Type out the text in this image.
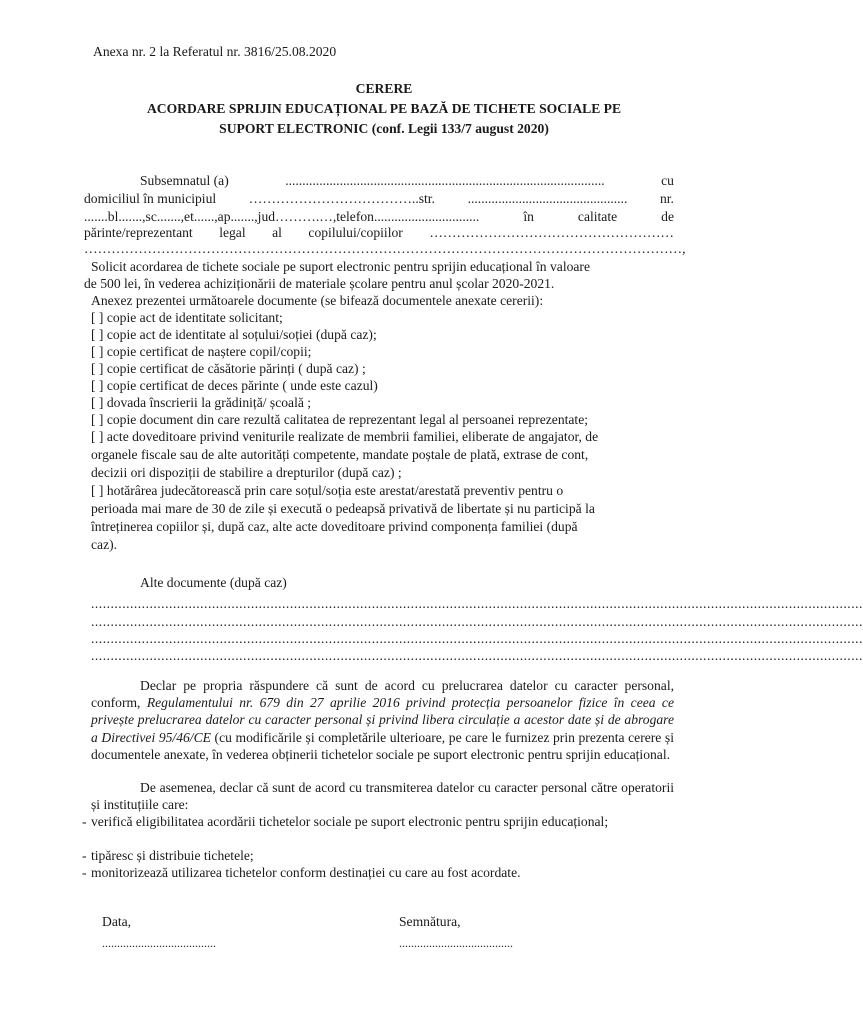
Anexa nr. 2 la Referatul nr. 3816/25.08.2020
CERERE
ACORDARE SPRIJIN EDUCAȚIONAL PE BAZĂ DE TICHETE SOCIALE PE
SUPORT ELECTRONIC (conf. Legii 133/7 august 2020)
Subsemnatul (a)	..............................................................................................	cu
domiciliul în municipiul ………………………………..str. ............................................... nr.
.......bl.......,sc.......,et......,ap.......,jud……….…,telefon...............................	în	calitate	de
părinte/reprezentant legal al copilului/copiilor ………………………………………………
……………………………………………………………………………………………………………………,
Solicit acordarea de tichete sociale pe suport electronic pentru sprijin educațional în valoare
de 500 lei, în vederea achiziționării de materiale școlare pentru anul școlar 2020-2021.
Anexez prezentei următoarele documente (se bifează documentele anexate cererii):
[ ] copie act de identitate solicitant;
[ ] copie act de identitate al soțului/soției (după caz);
[ ] copie certificat de naștere copil/copii;
[ ] copie certificat de căsătorie părinți ( după caz) ;
[ ] copie certificat de deces părinte ( unde este cazul)
[ ] dovada înscrierii la grădiniță/ școală ;
[ ] copie document din care rezultă calitatea de reprezentant legal al persoanei reprezentate;
[ ] acte doveditoare privind veniturile realizate de membrii familiei, eliberate de angajator, de
organele fiscale sau de alte autorități competente, mandate poștale de plată, extrase de cont,
decizii ori dispoziții de stabilire a drepturilor (după caz) ;
[ ] hotărârea judecătorească prin care soțul/soția este arestat/arestată preventiv pentru o
perioada mai mare de 30 de zile și execută o pedeapsă privativă de libertate și nu participă la
întreținerea copiilor și, după caz, alte acte doveditoare privind componența familiei (după
caz).
Alte documente (după caz)
......................................................................................................................................................................................................
......................................................................................................................................................................................................
......................................................................................................................................................................................................
......................................................................................................................................................................................................
Declar pe propria răspundere că sunt de acord cu prelucrarea datelor cu caracter personal, conform, Regulamentului nr. 679 din 27 aprilie 2016 privind protecția persoanelor fizice în ceea ce privește prelucrarea datelor cu caracter personal și privind libera circulație a acestor date și de abrogare a Directivei 95/46/CE (cu modificările și completările ulterioare, pe care le furnizez prin prezenta cerere și documentele anexate, în vederea obținerii tichetelor sociale pe suport electronic pentru sprijin educațional.
De asemenea, declar că sunt de acord cu transmiterea datelor cu caracter personal către operatorii și instituțiile care:
- verifică eligibilitatea acordării tichetelor sociale pe suport electronic pentru sprijin educațional;
- tipăresc și distribuie tichetele;
- monitorizează utilizarea tichetelor conform destinației cu care au fost acordate.
Data,
......................................
Semnătura,
......................................
